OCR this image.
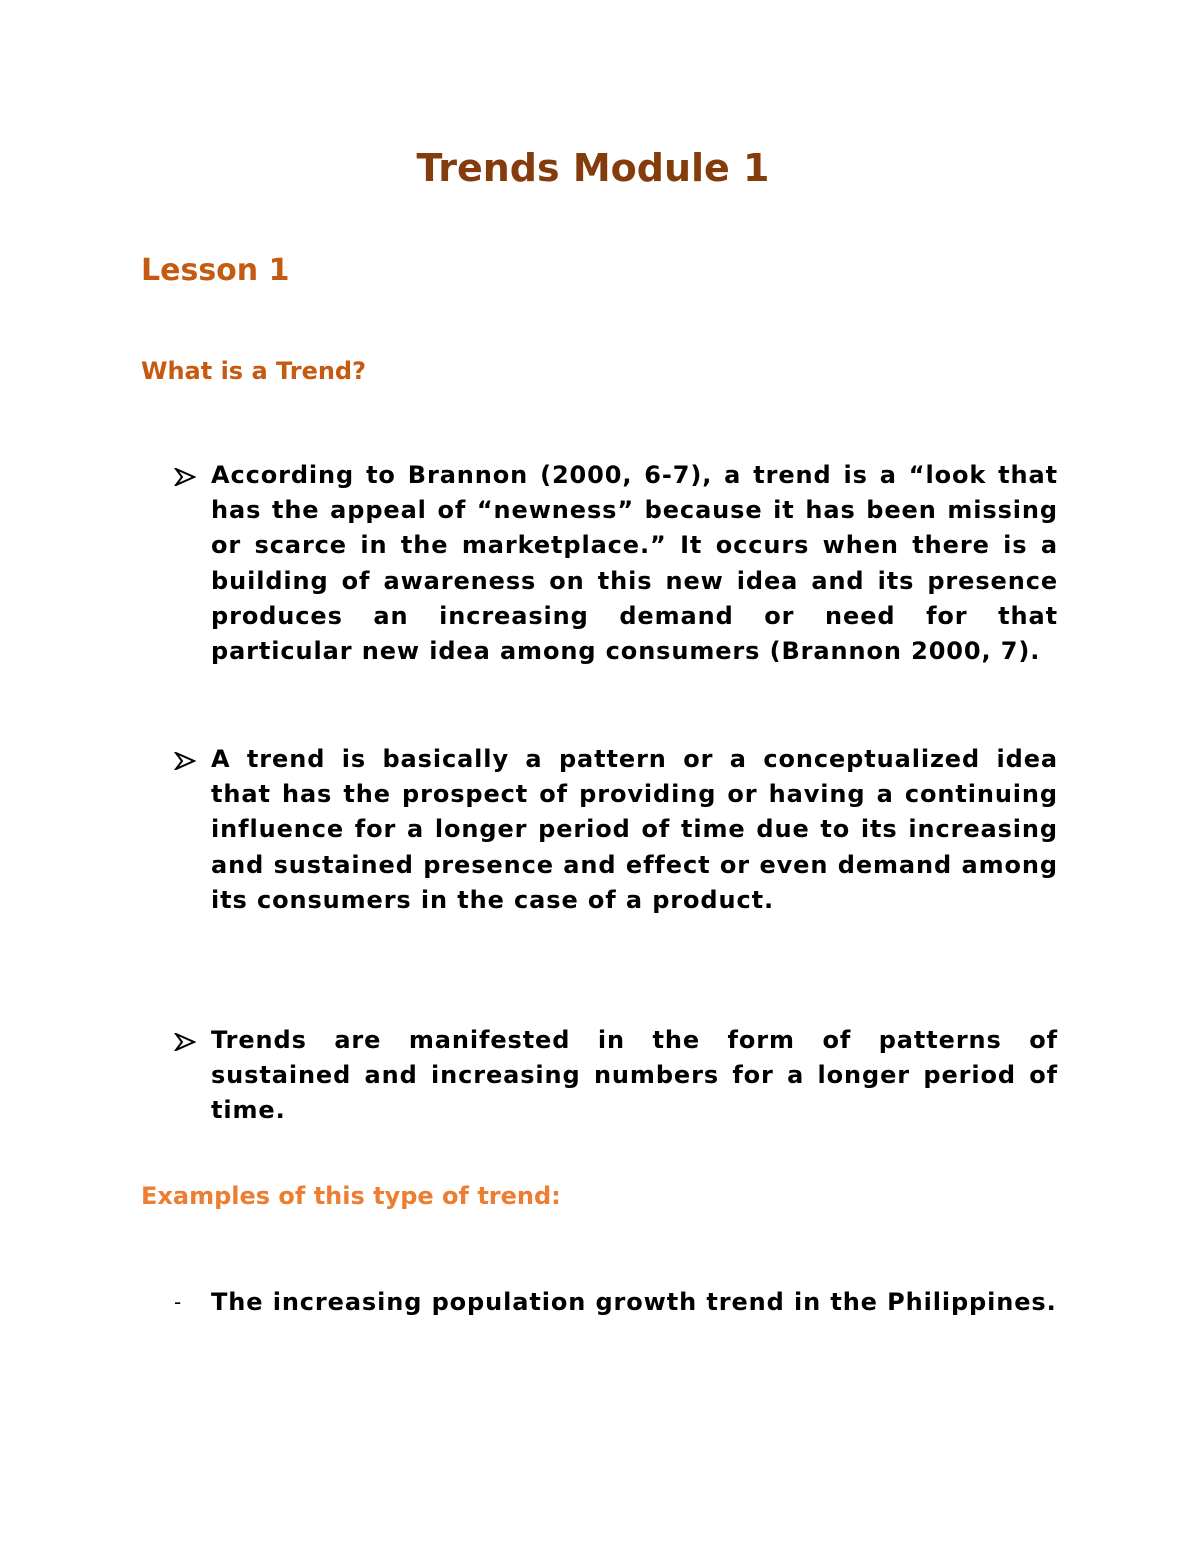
Trends Module 1
Lesson 1
What is a Trend?

According to Brannon (2000, 6-7), a trend is a “look that has the appeal of “newness” because it has been missing or scarce in the marketplace.” It occurs when there is a building of awareness on this new idea and its presence produces an increasing demand or need for that particular new idea among consumers (Brannon 2000, 7).

A trend is basically a pattern or a conceptualized idea that has the prospect of providing or having a continuing influence for a longer period of time due to its increasing and sustained presence and effect or even demand among its consumers in the case of a product.

Trends are manifested in the form of patterns of sustained and increasing numbers for a longer period of time.

Examples of this type of trend:
-	The increasing population growth trend in the Philippines.
